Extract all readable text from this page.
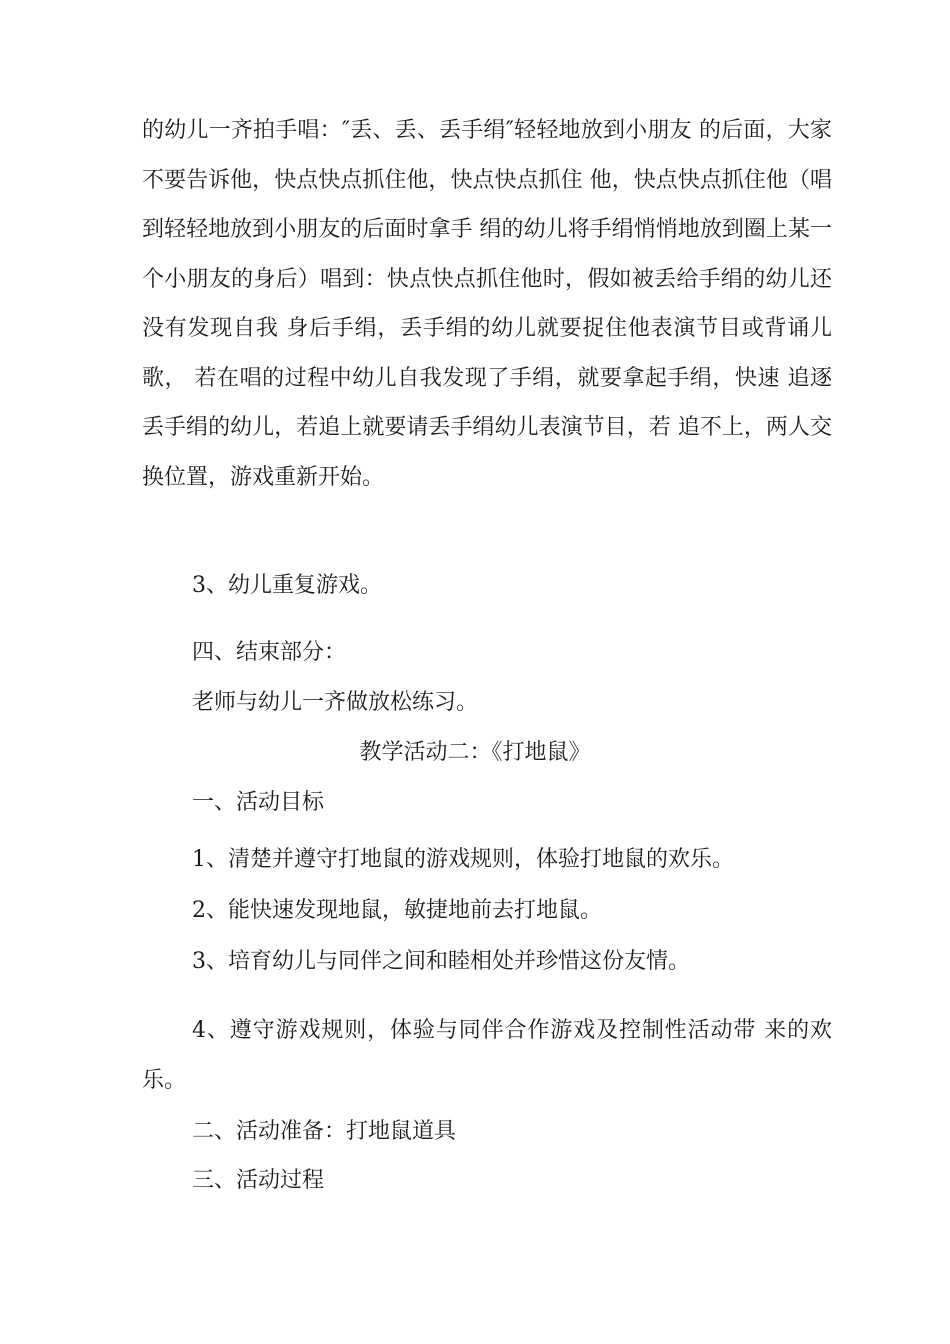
的幼儿一齐拍手唱：″丢、丢、丢手绢″轻轻地放到小朋友 的后面，大家不要告诉他，快点快点抓住他，快点快点抓住 他，快点快点抓住他（唱到轻轻地放到小朋友的后面时拿手 绢的幼儿将手绢悄悄地放到圈上某一个小朋友的身后）唱到：快点快点抓住他时，假如被丢给手绢的幼儿还没有发现自我 身后手绢，丢手绢的幼儿就要捉住他表演节目或背诵儿歌， 若在唱的过程中幼儿自我发现了手绢，就要拿起手绢，快速 追逐丢手绢的幼儿，若追上就要请丢手绢幼儿表演节目，若 追不上，两人交换位置，游戏重新开始。

3、幼儿重复游戏。

四、结束部分：

老师与幼儿一齐做放松练习。

教学活动二：《打地鼠》

一、活动目标

1、清楚并遵守打地鼠的游戏规则，体验打地鼠的欢乐。

2、能快速发现地鼠，敏捷地前去打地鼠。

3、培育幼儿与同伴之间和睦相处并珍惜这份友情。

4、遵守游戏规则，体验与同伴合作游戏及控制性活动带 来的欢乐。

二、活动准备：打地鼠道具

三、活动过程
